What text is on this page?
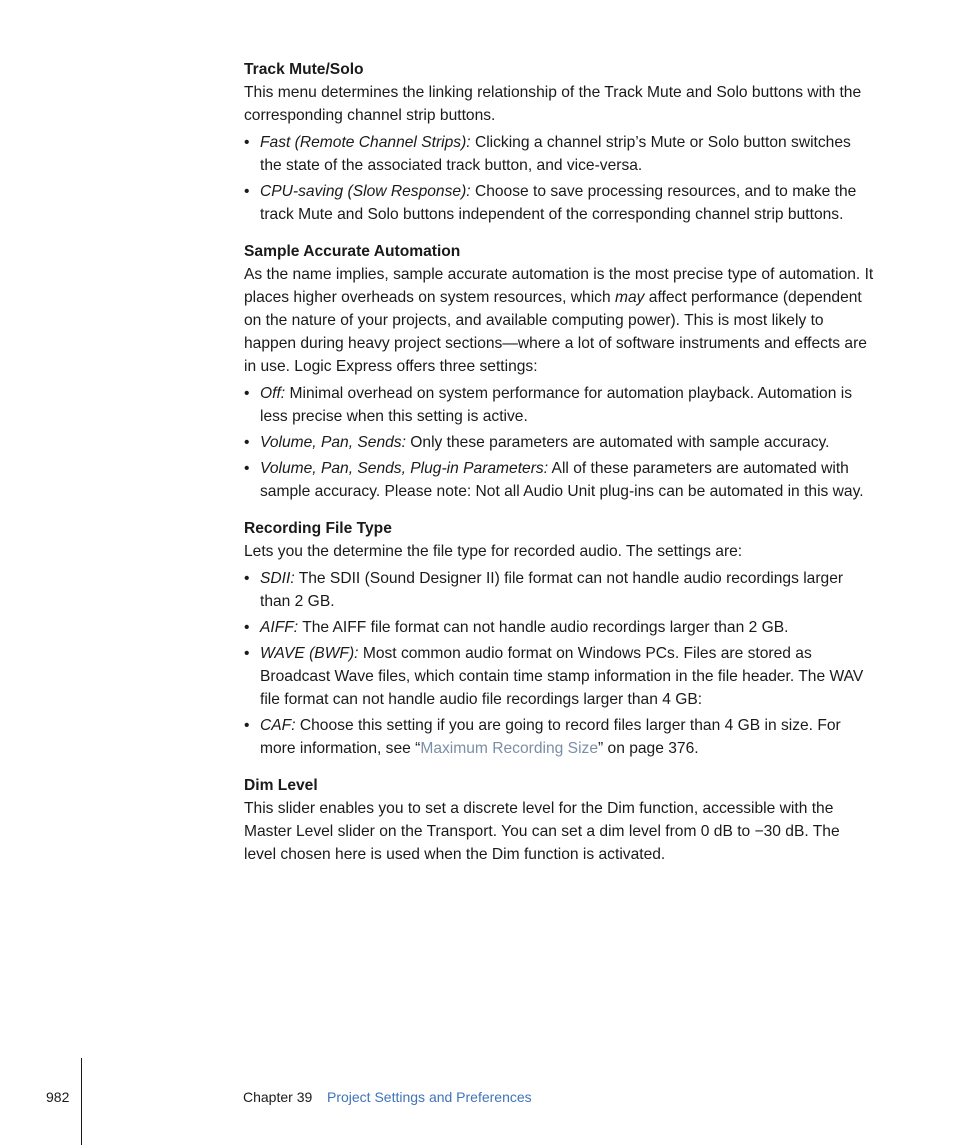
Track Mute/Solo

This menu determines the linking relationship of the Track Mute and Solo buttons with the corresponding channel strip buttons.

• Fast (Remote Channel Strips): Clicking a channel strip’s Mute or Solo button switches the state of the associated track button, and vice-versa.
• CPU-saving (Slow Response): Choose to save processing resources, and to make the track Mute and Solo buttons independent of the corresponding channel strip buttons.
Sample Accurate Automation

As the name implies, sample accurate automation is the most precise type of automation. It places higher overheads on system resources, which may affect performance (dependent on the nature of your projects, and available computing power). This is most likely to happen during heavy project sections—where a lot of software instruments and effects are in use. Logic Express offers three settings:

• Off: Minimal overhead on system performance for automation playback. Automation is less precise when this setting is active.
• Volume, Pan, Sends: Only these parameters are automated with sample accuracy.
• Volume, Pan, Sends, Plug-in Parameters: All of these parameters are automated with sample accuracy. Please note: Not all Audio Unit plug-ins can be automated in this way.
Recording File Type

Lets you the determine the file type for recorded audio. The settings are:

• SDII: The SDII (Sound Designer II) file format can not handle audio recordings larger than 2 GB.
• AIFF: The AIFF file format can not handle audio recordings larger than 2 GB.
• WAVE (BWF): Most common audio format on Windows PCs. Files are stored as Broadcast Wave files, which contain time stamp information in the file header. The WAV file format can not handle audio file recordings larger than 4 GB:
• CAF: Choose this setting if you are going to record files larger than 4 GB in size. For more information, see “Maximum Recording Size” on page 376.
Dim Level

This slider enables you to set a discrete level for the Dim function, accessible with the Master Level slider on the Transport. You can set a dim level from 0 dB to −30 dB. The level chosen here is used when the Dim function is activated.

982	Chapter 39 Project Settings and Preferences
